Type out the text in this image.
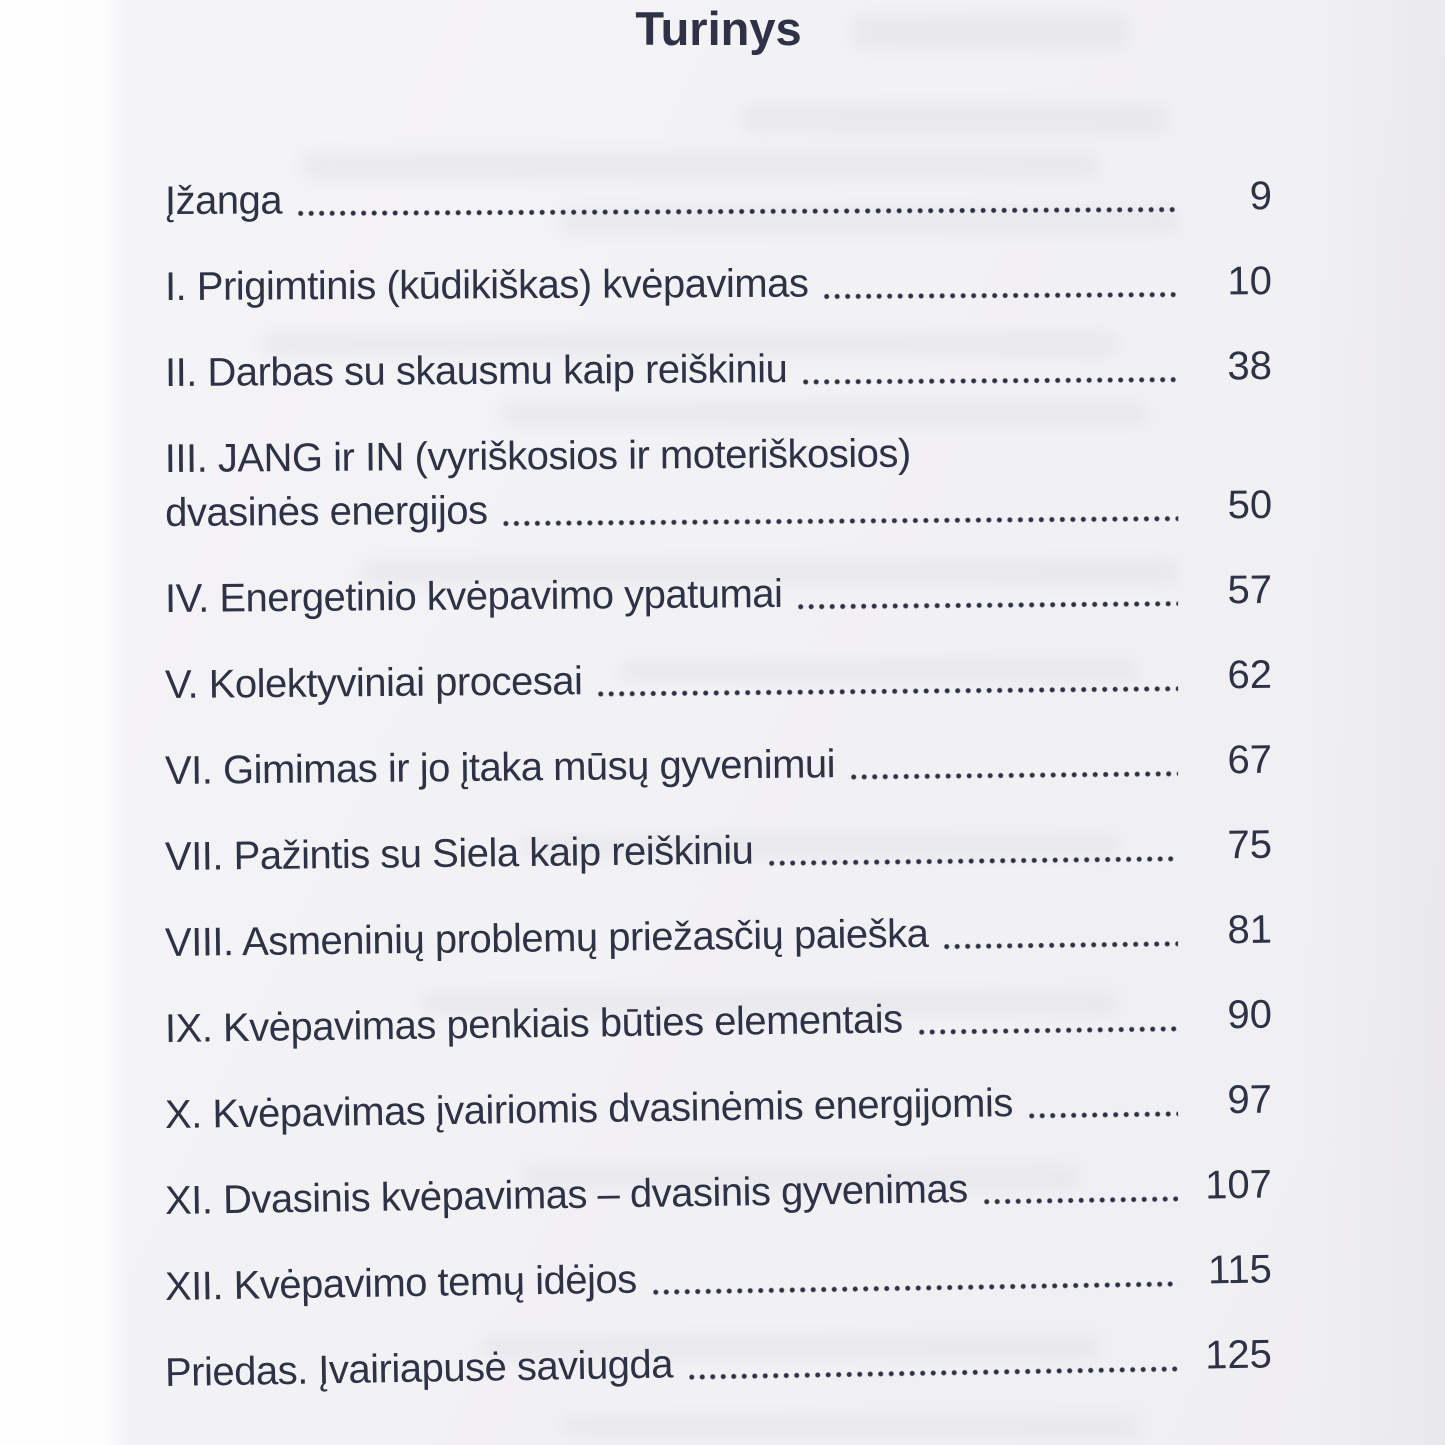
Turinys
Įžanga	9
I. Prigimtinis (kūdikiškas) kvėpavimas	10
II. Darbas su skausmu kaip reiškiniu	38
III. JANG ir IN (vyriškosios ir moteriškosios)
dvasinės energijos	50
IV. Energetinio kvėpavimo ypatumai	57
V. Kolektyviniai procesai	62
VI. Gimimas ir jo įtaka mūsų gyvenimui	67
VII. Pažintis su Siela kaip reiškiniu	75
VIII. Asmeninių problemų priežasčių paieška	81
IX. Kvėpavimas penkiais būties elementais	90
X. Kvėpavimas įvairiomis dvasinėmis energijomis	97
XI. Dvasinis kvėpavimas – dvasinis gyvenimas	107
XII. Kvėpavimo temų idėjos	115
Priedas. Įvairiapusė saviugda	125
